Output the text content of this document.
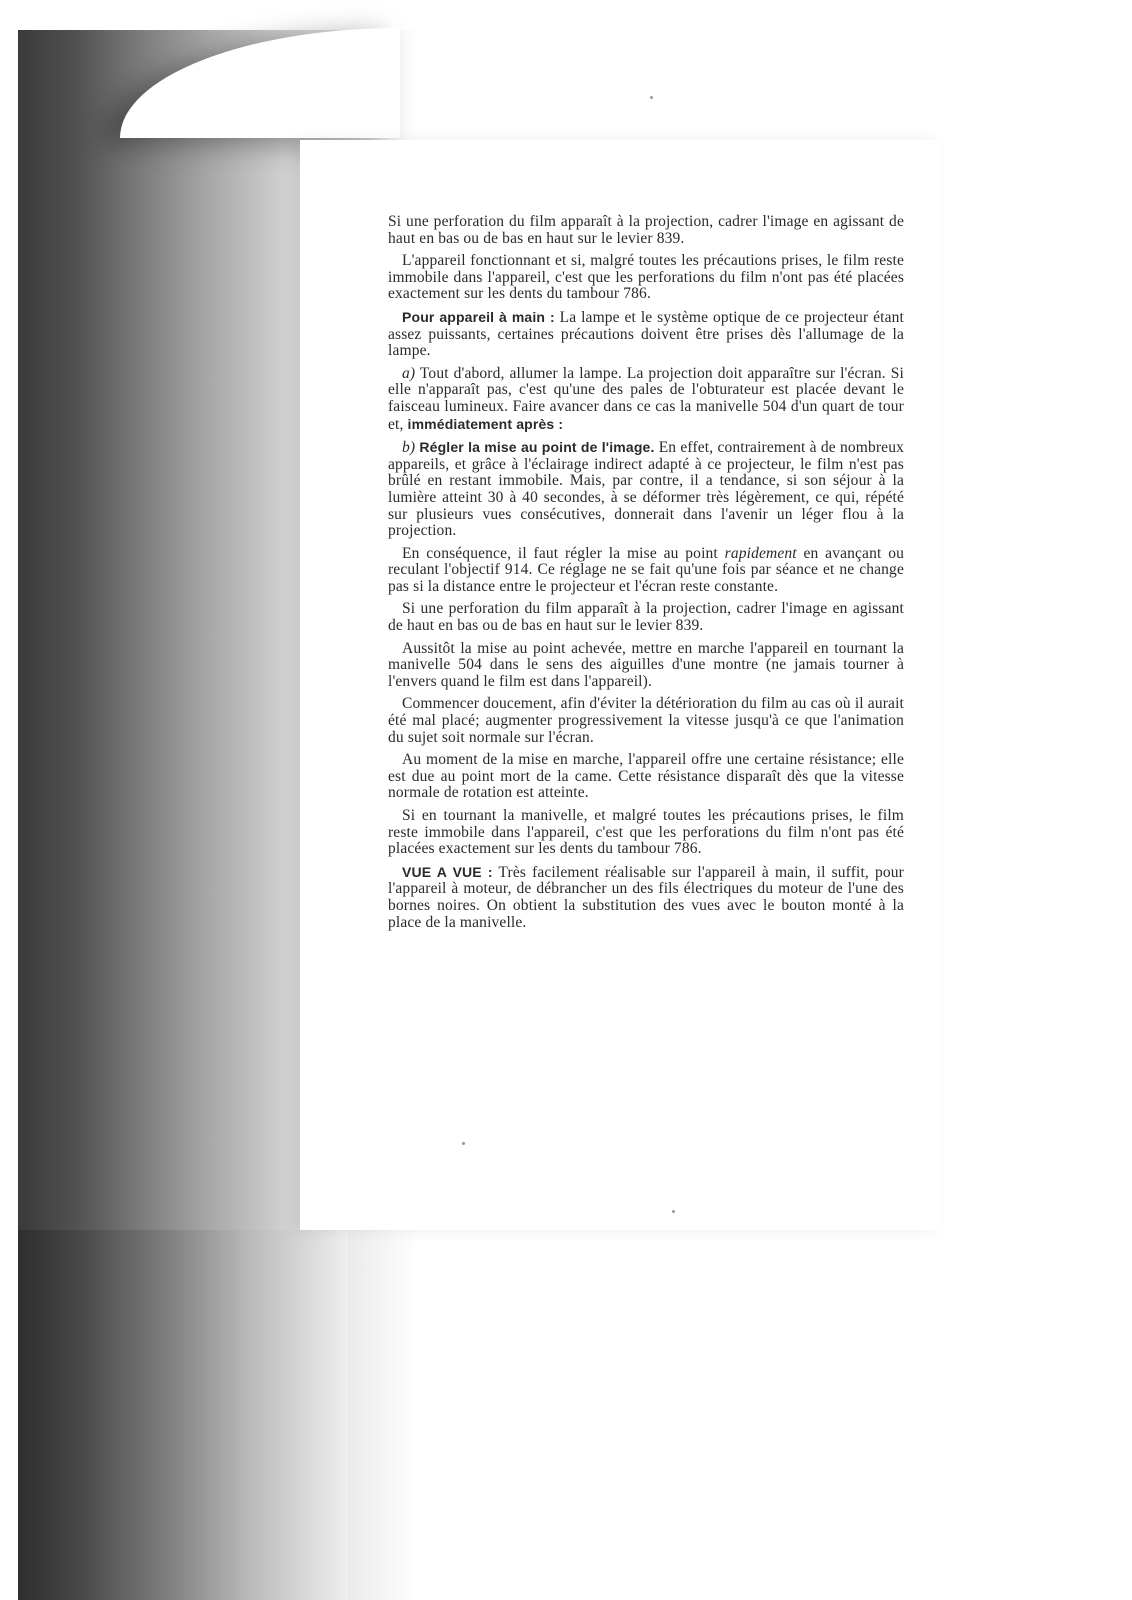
Si une perforation du film apparaît à la projection, cadrer l'image en agissant de haut en bas ou de bas en haut sur le levier 839.

L'appareil fonctionnant et si, malgré toutes les précautions prises, le film reste immobile dans l'appareil, c'est que les perforations du film n'ont pas été placées exactement sur les dents du tambour 786.

Pour appareil à main : La lampe et le système optique de ce projecteur étant assez puissants, certaines précautions doivent être prises dès l'allumage de la lampe.

a) Tout d'abord, allumer la lampe. La projection doit apparaître sur l'écran. Si elle n'apparaît pas, c'est qu'une des pales de l'obturateur est placée devant le faisceau lumineux. Faire avancer dans ce cas la manivelle 504 d'un quart de tour et, immédiatement après :

b) Régler la mise au point de l'image. En effet, contrairement à de nombreux appareils, et grâce à l'éclairage indirect adapté à ce projecteur, le film n'est pas brûlé en restant immobile. Mais, par contre, il a tendance, si son séjour à la lumière atteint 30 à 40 secondes, à se déformer très légèrement, ce qui, répété sur plusieurs vues consécutives, donnerait dans l'avenir un léger flou à la projection.

En conséquence, il faut régler la mise au point rapidement en avançant ou reculant l'objectif 914. Ce réglage ne se fait qu'une fois par séance et ne change pas si la distance entre le projecteur et l'écran reste constante.

Si une perforation du film apparaît à la projection, cadrer l'image en agissant de haut en bas ou de bas en haut sur le levier 839.

Aussitôt la mise au point achevée, mettre en marche l'appareil en tournant la manivelle 504 dans le sens des aiguilles d'une montre (ne jamais tourner à l'envers quand le film est dans l'appareil).

Commencer doucement, afin d'éviter la détérioration du film au cas où il aurait été mal placé; augmenter progressivement la vitesse jusqu'à ce que l'animation du sujet soit normale sur l'écran.

Au moment de la mise en marche, l'appareil offre une certaine résistance; elle est due au point mort de la came. Cette résistance disparaît dès que la vitesse normale de rotation est atteinte.

Si en tournant la manivelle, et malgré toutes les précautions prises, le film reste immobile dans l'appareil, c'est que les perforations du film n'ont pas été placées exactement sur les dents du tambour 786.

VUE A VUE : Très facilement réalisable sur l'appareil à main, il suffit, pour l'appareil à moteur, de débrancher un des fils électriques du moteur de l'une des bornes noires. On obtient la substitution des vues avec le bouton monté à la place de la manivelle.
